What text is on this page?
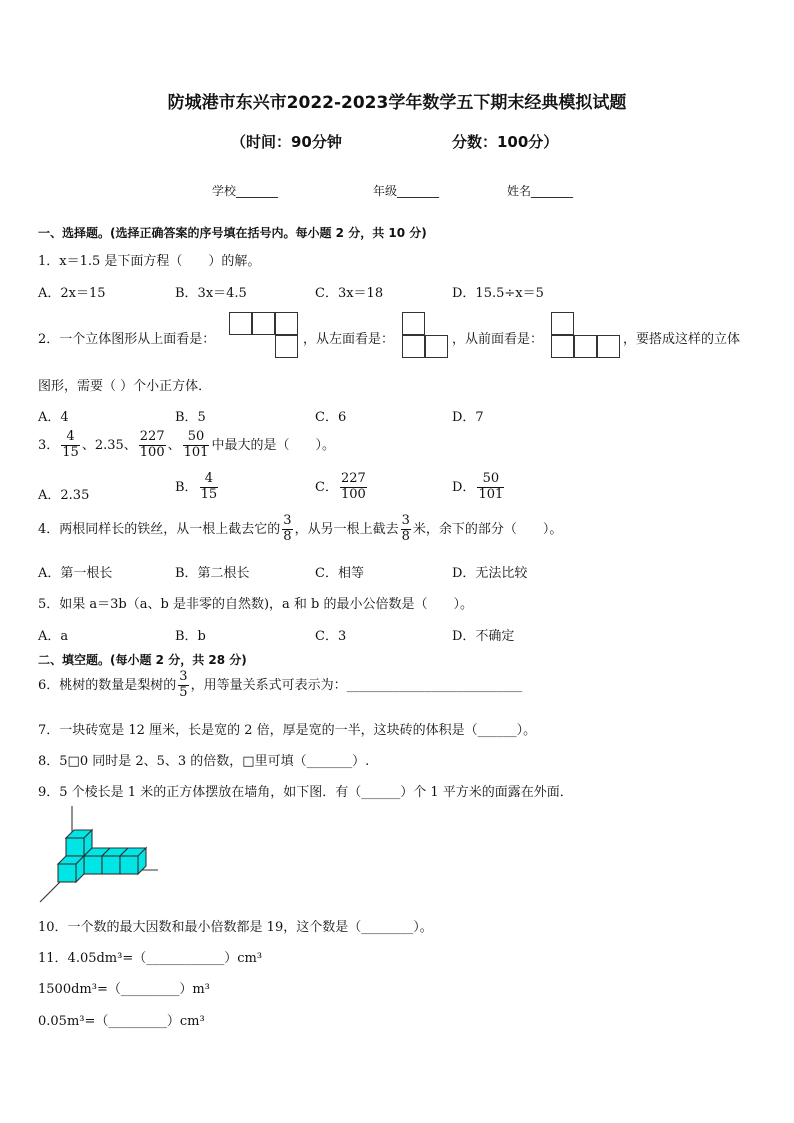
防城港市东兴市2022-2023学年数学五下期末经典模拟试题
（时间：90分钟	分数：100分）
学校_______	年级_______	姓名_______
一、选择题。(选择正确答案的序号填在括号内。每小题 2 分，共 10 分)
1．x＝1.5 是下面方程（　　）的解。
A．2x＝15	B．3x＝4.5	C．3x＝18	D．15.5÷x＝5
2．一个立体图形从上面看是：	，从左面看是：	，从前面看是：	，要搭成这样的立体
图形，需要（ ）个小正方体．
A．4	B．5	C．6	D．7
3． $\frac{4}{15}$ 、2.35、 $\frac{227}{100}$ 、 $\frac{50}{101}$ 中最大的是（　　）。
A．2.35
B． $\frac{4}{15}$	C． $\frac{227}{100}$	D． $\frac{50}{101}$
4．两根同样长的铁丝，从一根上截去它的 $\frac{3}{8}$ ，从另一根上截去 $\frac{3}{8}$ 米，余下的部分（　　）。
A．第一根长	B．第二根长	C．相等	D．无法比较
5．如果 a＝3b（a、b 是非零的自然数)，a 和 b 的最小公倍数是（　　）。
A．a	B．b	C．3	D．不确定
二、填空题。(每小题 2 分，共 28 分)
6．桃树的数量是梨树的 $\frac{3}{5}$ ，用等量关系式可表示为：___________________________
7．一块砖宽是 12 厘米，长是宽的 2 倍，厚是宽的一半，这块砖的体积是（______）。
8．5□0 同时是 2、5、3 的倍数，□里可填（_______）.
9．5 个棱长是 1 米的正方体摆放在墙角，如下图．有（______）个 1 平方米的面露在外面．
10．一个数的最大因数和最小倍数都是 19，这个数是（________）。
11．4.05dm³=（____________）cm³
1500dm³=（_________）m³
0.05m³=（_________）cm³
